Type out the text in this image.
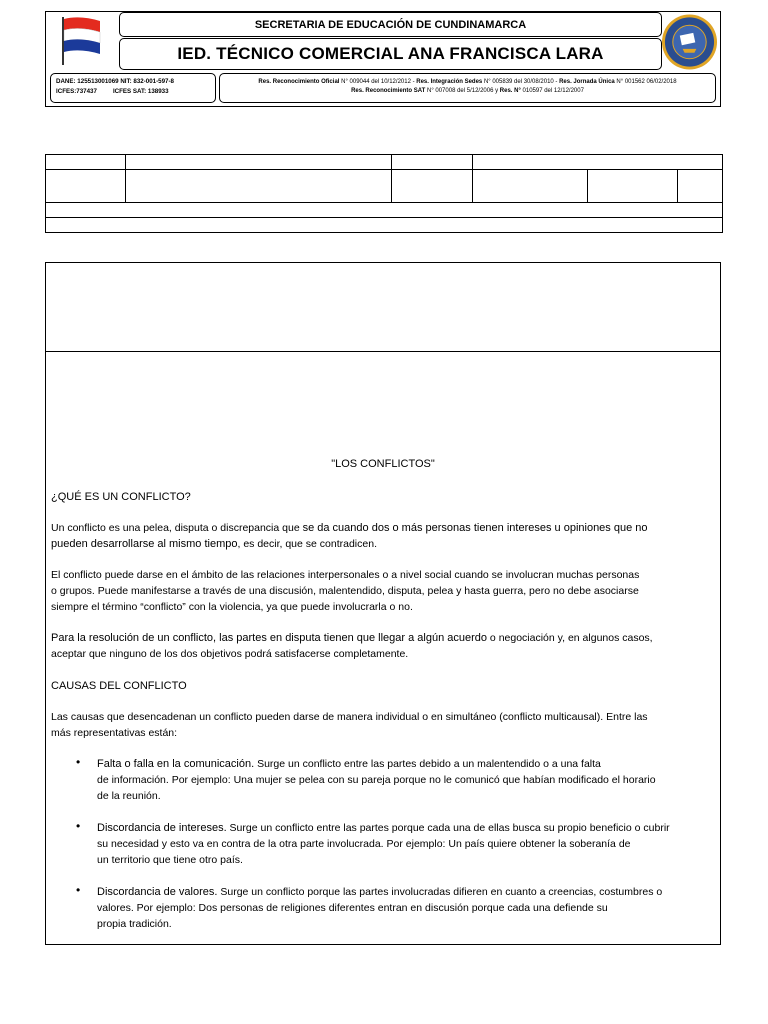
SECRETARIA DE EDUCACIÓN DE CUNDINAMARCA
IED. TÉCNICO COMERCIAL ANA FRANCISCA LARA
DANE: 125513001069 NIT: 832-001-597-8
ICFES:737437	ICFES SAT: 138933
Res. Reconocimiento Oficial N° 009044 del 10/12/2012 - Res. Integración Sedes N° 005839 del 30/08/2010 - Res. Jornada Única N° 001562 06/02/2018
Res. Reconocimiento SAT N° 007008 del 5/12/2006 y Res. N° 010597 del 12/12/2007

"LOS CONFLICTOS"
¿QUÉ ES UN CONFLICTO?
Un conflicto es una pelea, disputa o discrepancia que se da cuando dos o más personas tienen intereses u opiniones que no
pueden desarrollarse al mismo tiempo, es decir, que se contradicen.
El conflicto puede darse en el ámbito de las relaciones interpersonales o a nivel social cuando se involucran muchas personas
o grupos. Puede manifestarse a través de una discusión, malentendido, disputa, pelea y hasta guerra, pero no debe asociarse
siempre el término “conflicto” con la violencia, ya que puede involucrarla o no.
Para la resolución de un conflicto, las partes en disputa tienen que llegar a algún acuerdo o negociación y, en algunos casos,
aceptar que ninguno de los dos objetivos podrá satisfacerse completamente.
CAUSAS DEL CONFLICTO
Las causas que desencadenan un conflicto pueden darse de manera individual o en simultáneo (conflicto multicausal). Entre las
más representativas están:
• Falta o falla en la comunicación. Surge un conflicto entre las partes debido a un malentendido o a una falta
de información. Por ejemplo: Una mujer se pelea con su pareja porque no le comunicó que habían modificado el horario
de la reunión.
• Discordancia de intereses. Surge un conflicto entre las partes porque cada una de ellas busca su propio beneficio o cubrir
su necesidad y esto va en contra de la otra parte involucrada. Por ejemplo: Un país quiere obtener la soberanía de
un territorio que tiene otro país.
• Discordancia de valores. Surge un conflicto porque las partes involucradas difieren en cuanto a creencias, costumbres o
valores. Por ejemplo: Dos personas de religiones diferentes entran en discusión porque cada una defiende su
propia tradición.
